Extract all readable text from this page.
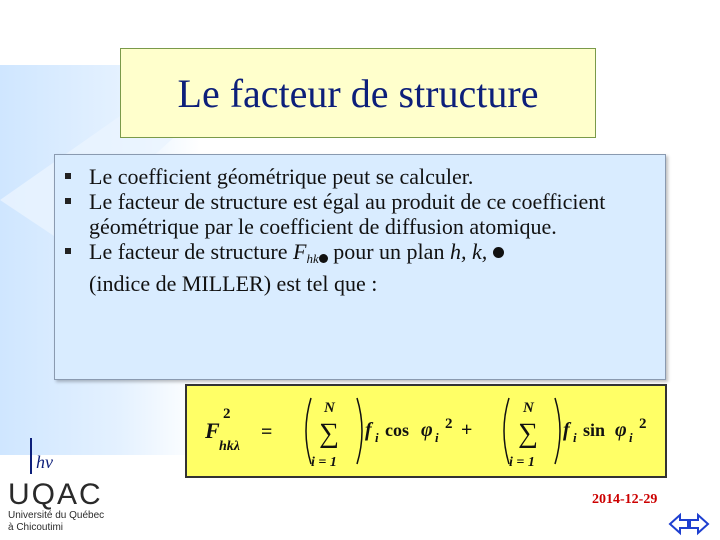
Le facteur de structure
Le coefficient géométrique peut se calculer.
Le facteur de structure est égal au produit de ce coefficient géométrique par le coefficient de diffusion atomique.
Le facteur de structure $F_{hk}$ pour un plan h, k,
(indice de MILLER) est tel que :
F
hkλ
2
=
N
∑
i = 1
f i cos φ i
2 +
N
∑
i = 1
f i sin φ i
2
hν
UQAC
Université du Québec
à Chicoutimi
2014-12-29
